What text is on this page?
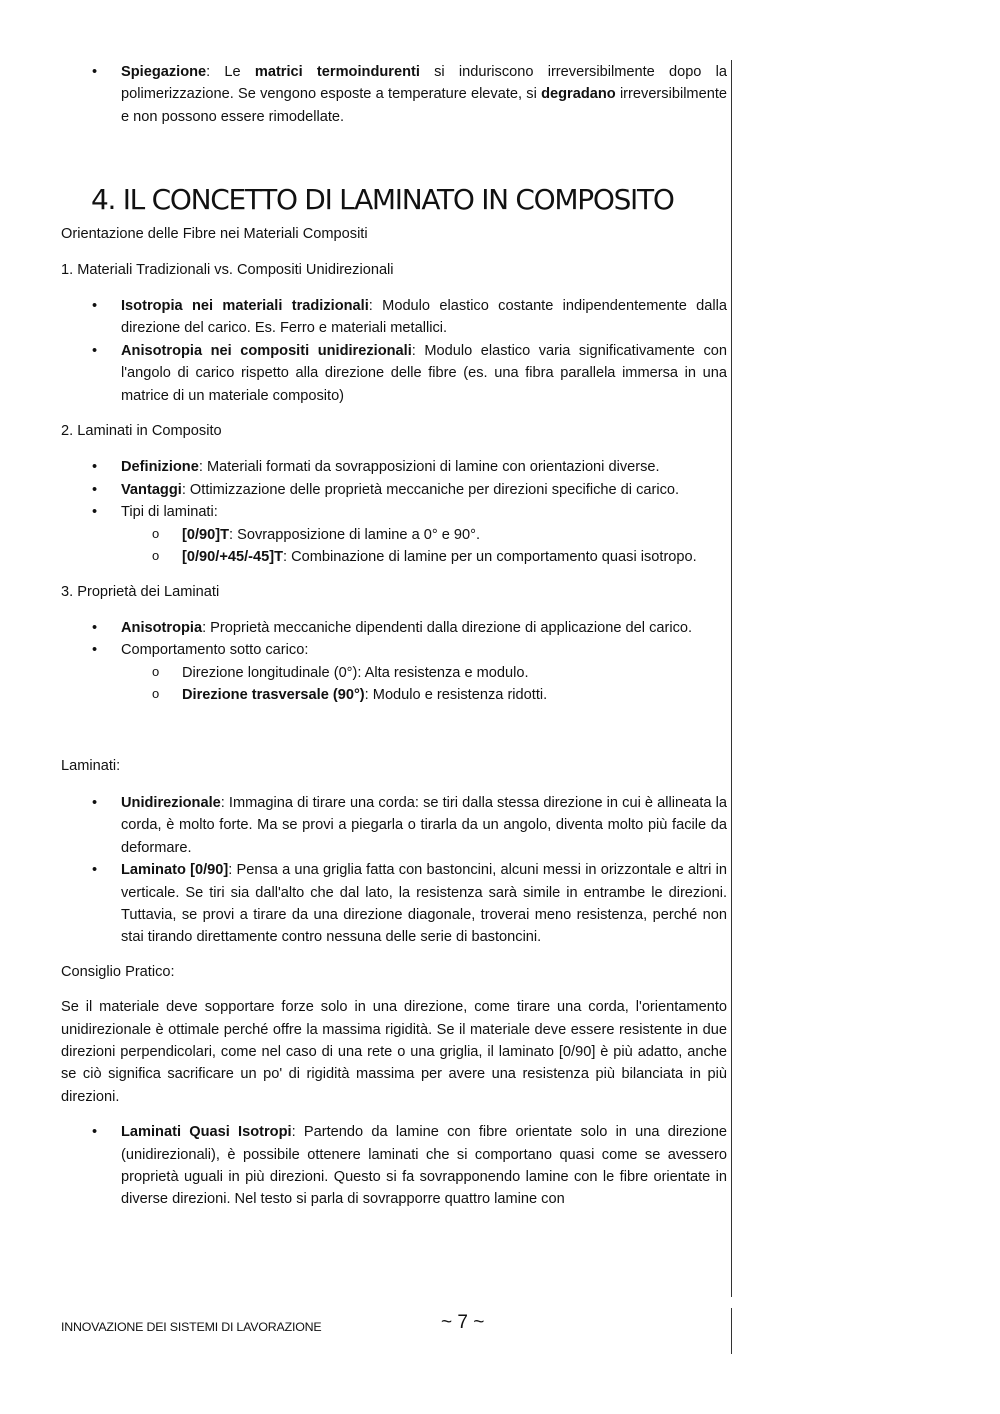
• Spiegazione: Le matrici termoindurenti si induriscono irreversibilmente dopo la polimerizzazione. Se vengono esposte a temperature elevate, si degradano irreversibilmente e non possono essere rimodellate.
4. IL CONCETTO DI LAMINATO IN COMPOSITO

Orientazione delle Fibre nei Materiali Compositi

1. Materiali Tradizionali vs. Compositi Unidirezionali

• Isotropia nei materiali tradizionali: Modulo elastico costante indipendentemente dalla direzione del carico. Es. Ferro e materiali metallici.
• Anisotropia nei compositi unidirezionali: Modulo elastico varia significativamente con l'angolo di carico rispetto alla direzione delle fibre (es. una fibra parallela immersa in una matrice di un materiale composito)

2. Laminati in Composito

• Definizione: Materiali formati da sovrapposizioni di lamine con orientazioni diverse.
• Vantaggi: Ottimizzazione delle proprietà meccaniche per direzioni specifiche di carico.
• Tipi di laminati:
o [0/90]T: Sovrapposizione di lamine a 0° e 90°.
o [0/90/+45/-45]T: Combinazione di lamine per un comportamento quasi isotropo.

3. Proprietà dei Laminati

• Anisotropia: Proprietà meccaniche dipendenti dalla direzione di applicazione del carico.
• Comportamento sotto carico:
o Direzione longitudinale (0°): Alta resistenza e modulo.
o Direzione trasversale (90°): Modulo e resistenza ridotti.

Laminati:

• Unidirezionale: Immagina di tirare una corda: se tiri dalla stessa direzione in cui è allineata la corda, è molto forte. Ma se provi a piegarla o tirarla da un angolo, diventa molto più facile da deformare.
• Laminato [0/90]: Pensa a una griglia fatta con bastoncini, alcuni messi in orizzontale e altri in verticale. Se tiri sia dall'alto che dal lato, la resistenza sarà simile in entrambe le direzioni. Tuttavia, se provi a tirare da una direzione diagonale, troverai meno resistenza, perché non stai tirando direttamente contro nessuna delle serie di bastoncini.

Consiglio Pratico:

Se il materiale deve sopportare forze solo in una direzione, come tirare una corda, l'orientamento unidirezionale è ottimale perché offre la massima rigidità. Se il materiale deve essere resistente in due direzioni perpendicolari, come nel caso di una rete o una griglia, il laminato [0/90] è più adatto, anche se ciò significa sacrificare un po' di rigidità massima per avere una resistenza più bilanciata in più direzioni.

• Laminati Quasi Isotropi: Partendo da lamine con fibre orientate solo in una direzione (unidirezionali), è possibile ottenere laminati che si comportano quasi come se avessero proprietà uguali in più direzioni. Questo si fa sovrapponendo lamine con le fibre orientate in diverse direzioni. Nel testo si parla di sovrapporre quattro lamine con
INNOVAZIONE DEI SISTEMI DI LAVORAZIONE	~ 7 ~
